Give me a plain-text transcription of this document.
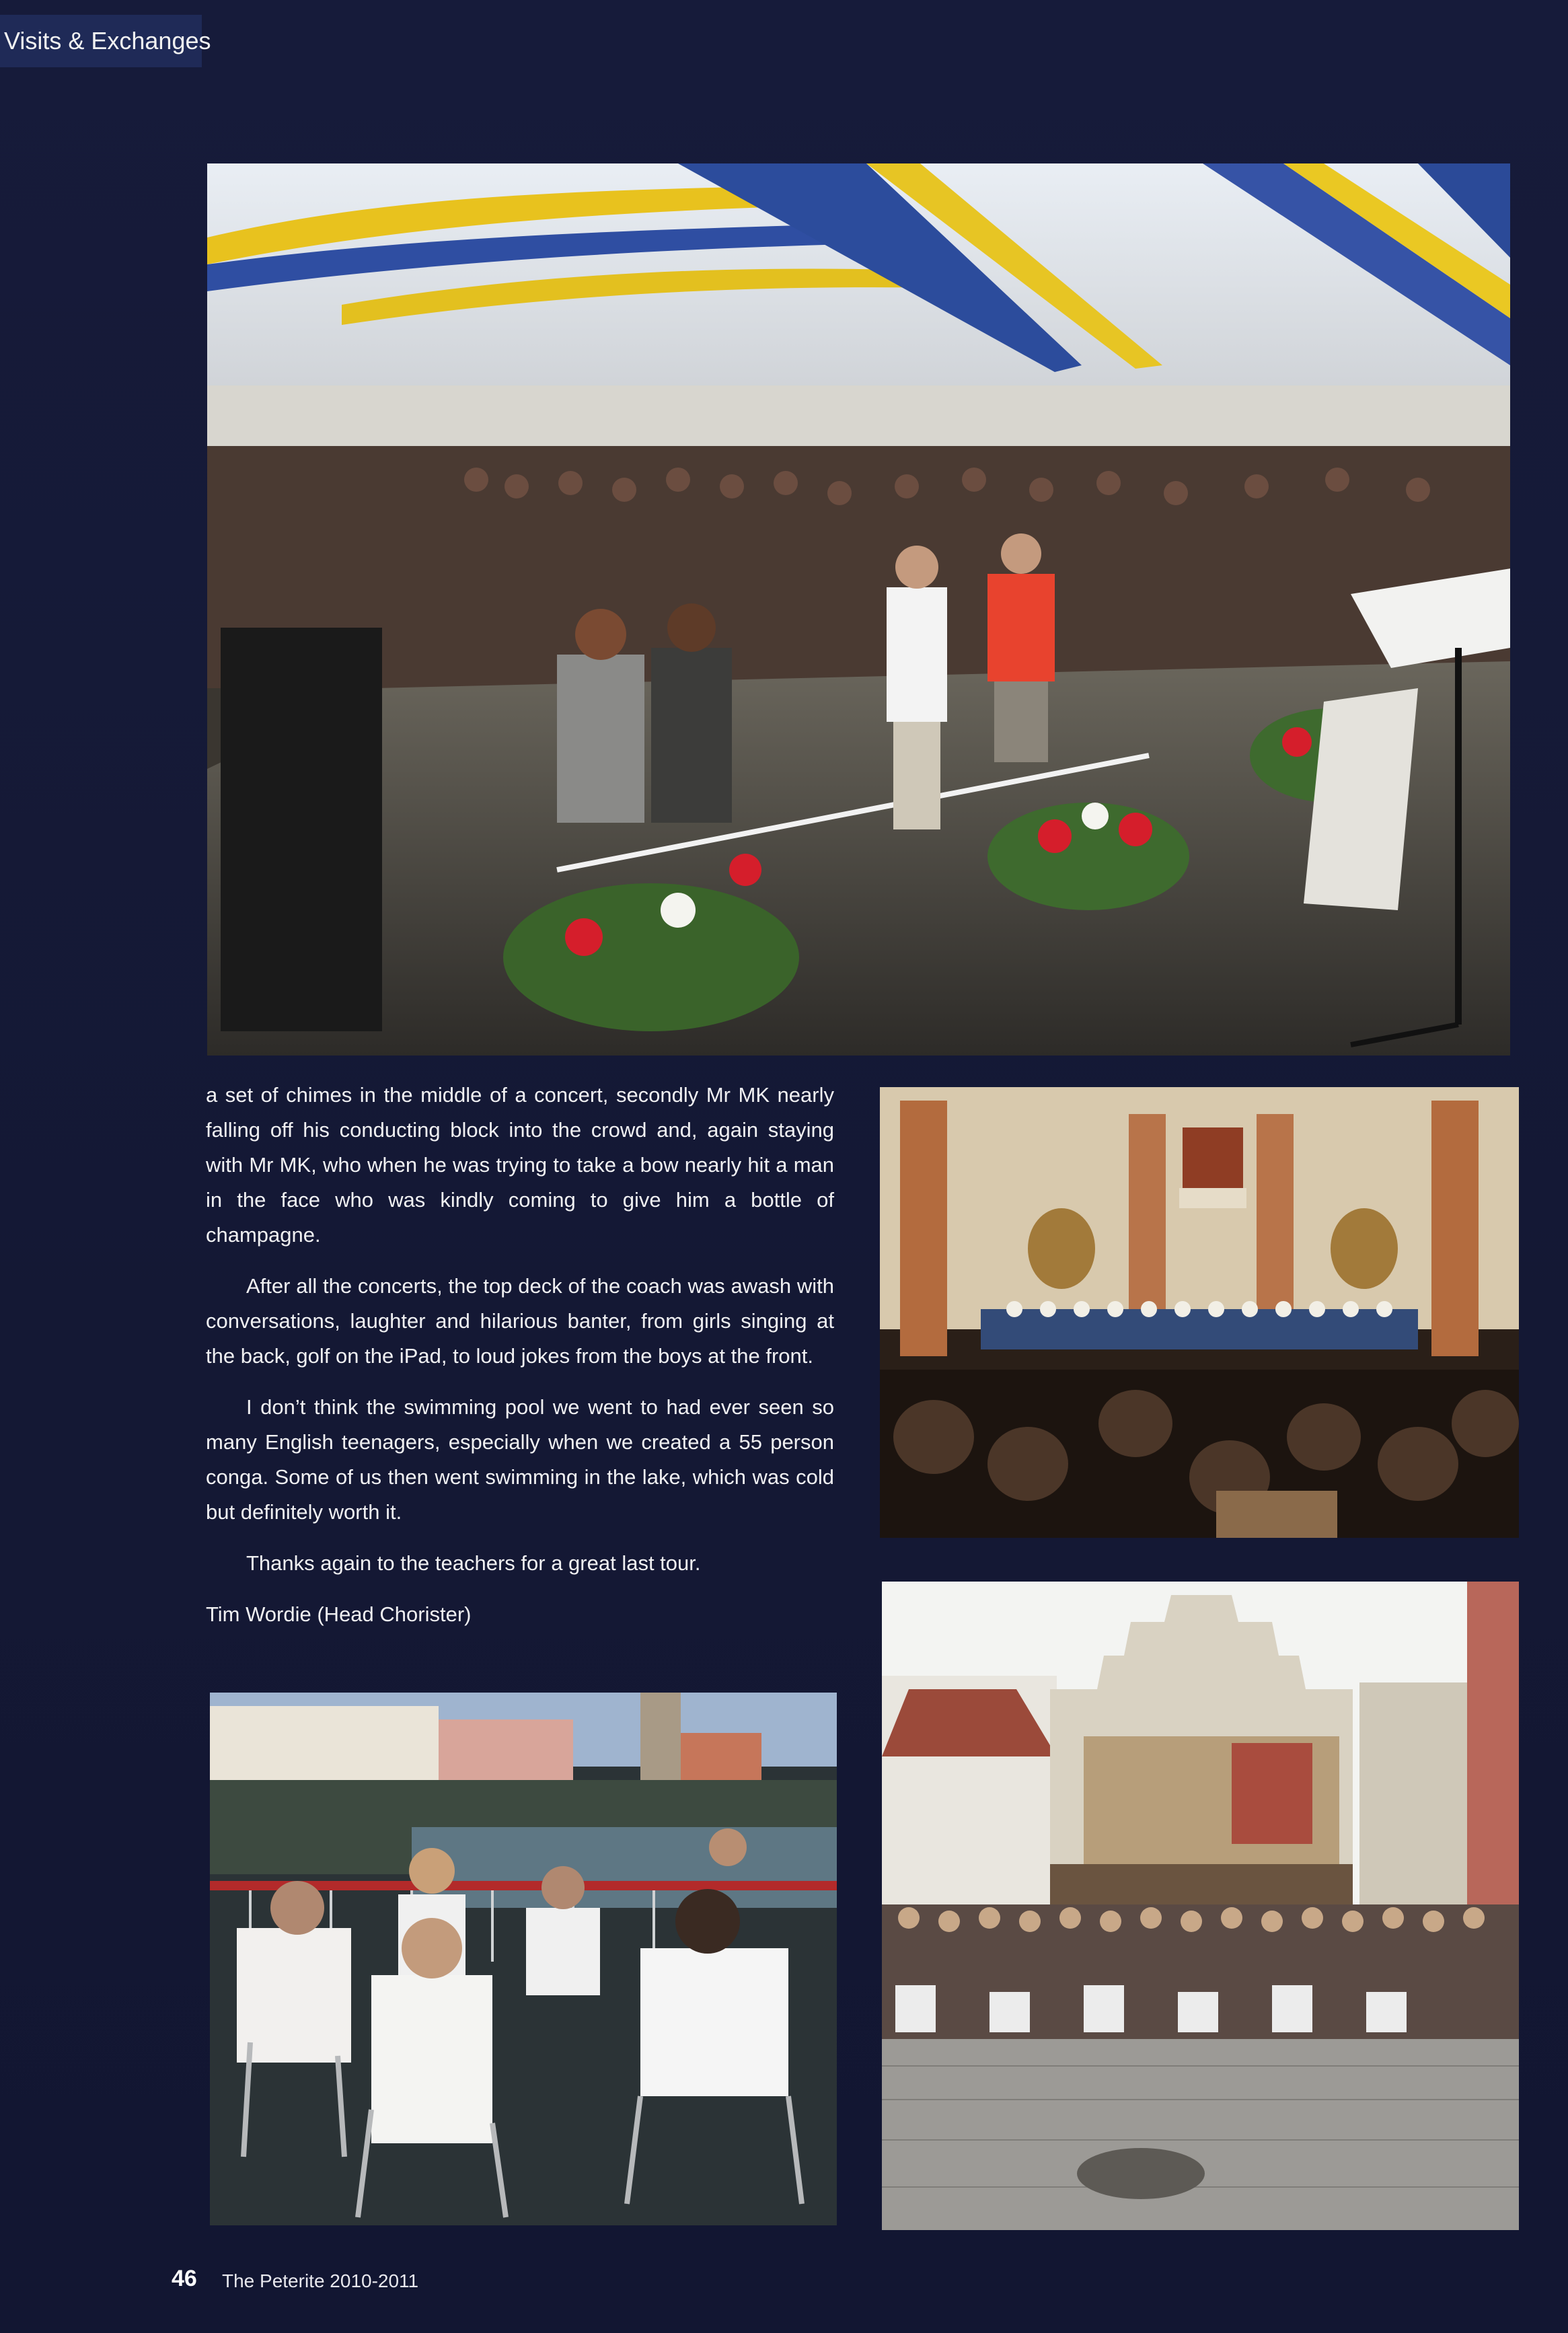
Visits & Exchanges

a set of chimes in the middle of a concert, secondly Mr MK nearly falling off his conducting block into the crowd and, again staying with Mr MK, who when he was trying to take a bow nearly hit a man in the face who was kindly coming to give him a bottle of champagne.

After all the concerts, the top deck of the coach was awash with conversations, laughter and hilarious banter, from girls singing at the back, golf on the iPad, to loud jokes from the boys at the front.

I don’t think the swimming pool we went to had ever seen so many English teenagers, especially when we created a 55 person conga. Some of us then went swimming in the lake, which was cold but definitely worth it.

Thanks again to the teachers for a great last tour.

Tim Wordie (Head Chorister)

46 The Peterite 2010-2011
